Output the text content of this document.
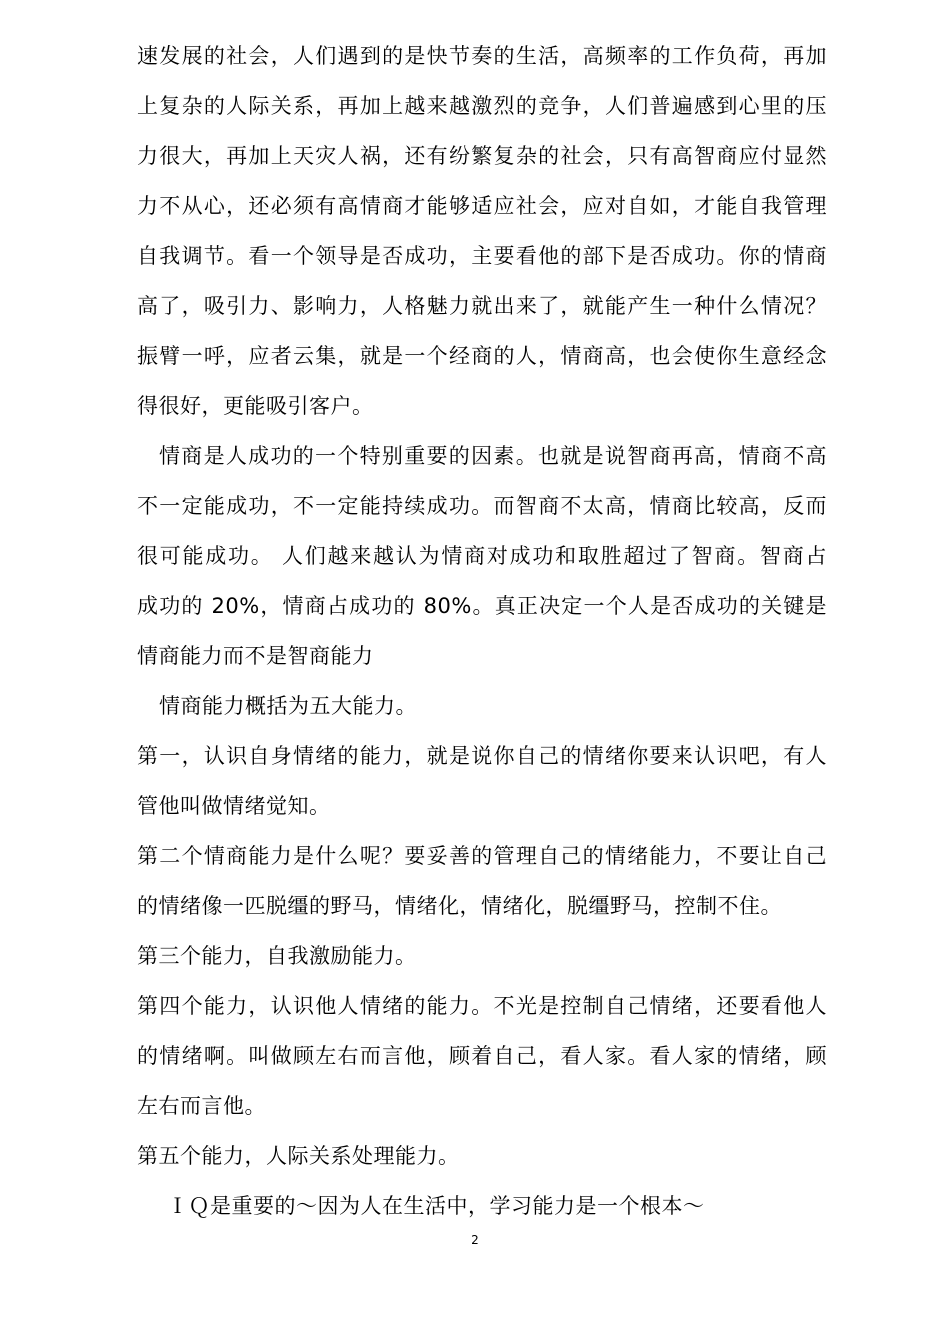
速发展的社会，人们遇到的是快节奏的生活，高频率的工作负荷，再加
上复杂的人际关系，再加上越来越激烈的竞争，人们普遍感到心里的压
力很大，再加上天灾人祸，还有纷繁复杂的社会，只有高智商应付显然
力不从心，还必须有高情商才能够适应社会，应对自如，才能自我管理
自我调节。看一个领导是否成功，主要看他的部下是否成功。你的情商
高了，吸引力、影响力，人格魅力就出来了，就能产生一种什么情况？
振臂一呼，应者云集，就是一个经商的人，情商高，也会使你生意经念
得很好，更能吸引客户。
情商是人成功的一个特别重要的因素。也就是说智商再高，情商不高
不一定能成功，不一定能持续成功。而智商不太高，情商比较高，反而
很可能成功。 人们越来越认为情商对成功和取胜超过了智商。智商占
成功的 20%，情商占成功的 80%。真正决定一个人是否成功的关键是
情商能力而不是智商能力
情商能力概括为五大能力。
第一，认识自身情绪的能力，就是说你自己的情绪你要来认识吧，有人
管他叫做情绪觉知。
第二个情商能力是什么呢？要妥善的管理自己的情绪能力，不要让自己
的情绪像一匹脱缰的野马，情绪化，情绪化，脱缰野马，控制不住。
第三个能力，自我激励能力。
第四个能力，认识他人情绪的能力。不光是控制自己情绪，还要看他人
的情绪啊。叫做顾左右而言他，顾着自己，看人家。看人家的情绪，顾
左右而言他。
第五个能力，人际关系处理能力。
ＩＱ是重要的～因为人在生活中，学习能力是一个根本～
2
